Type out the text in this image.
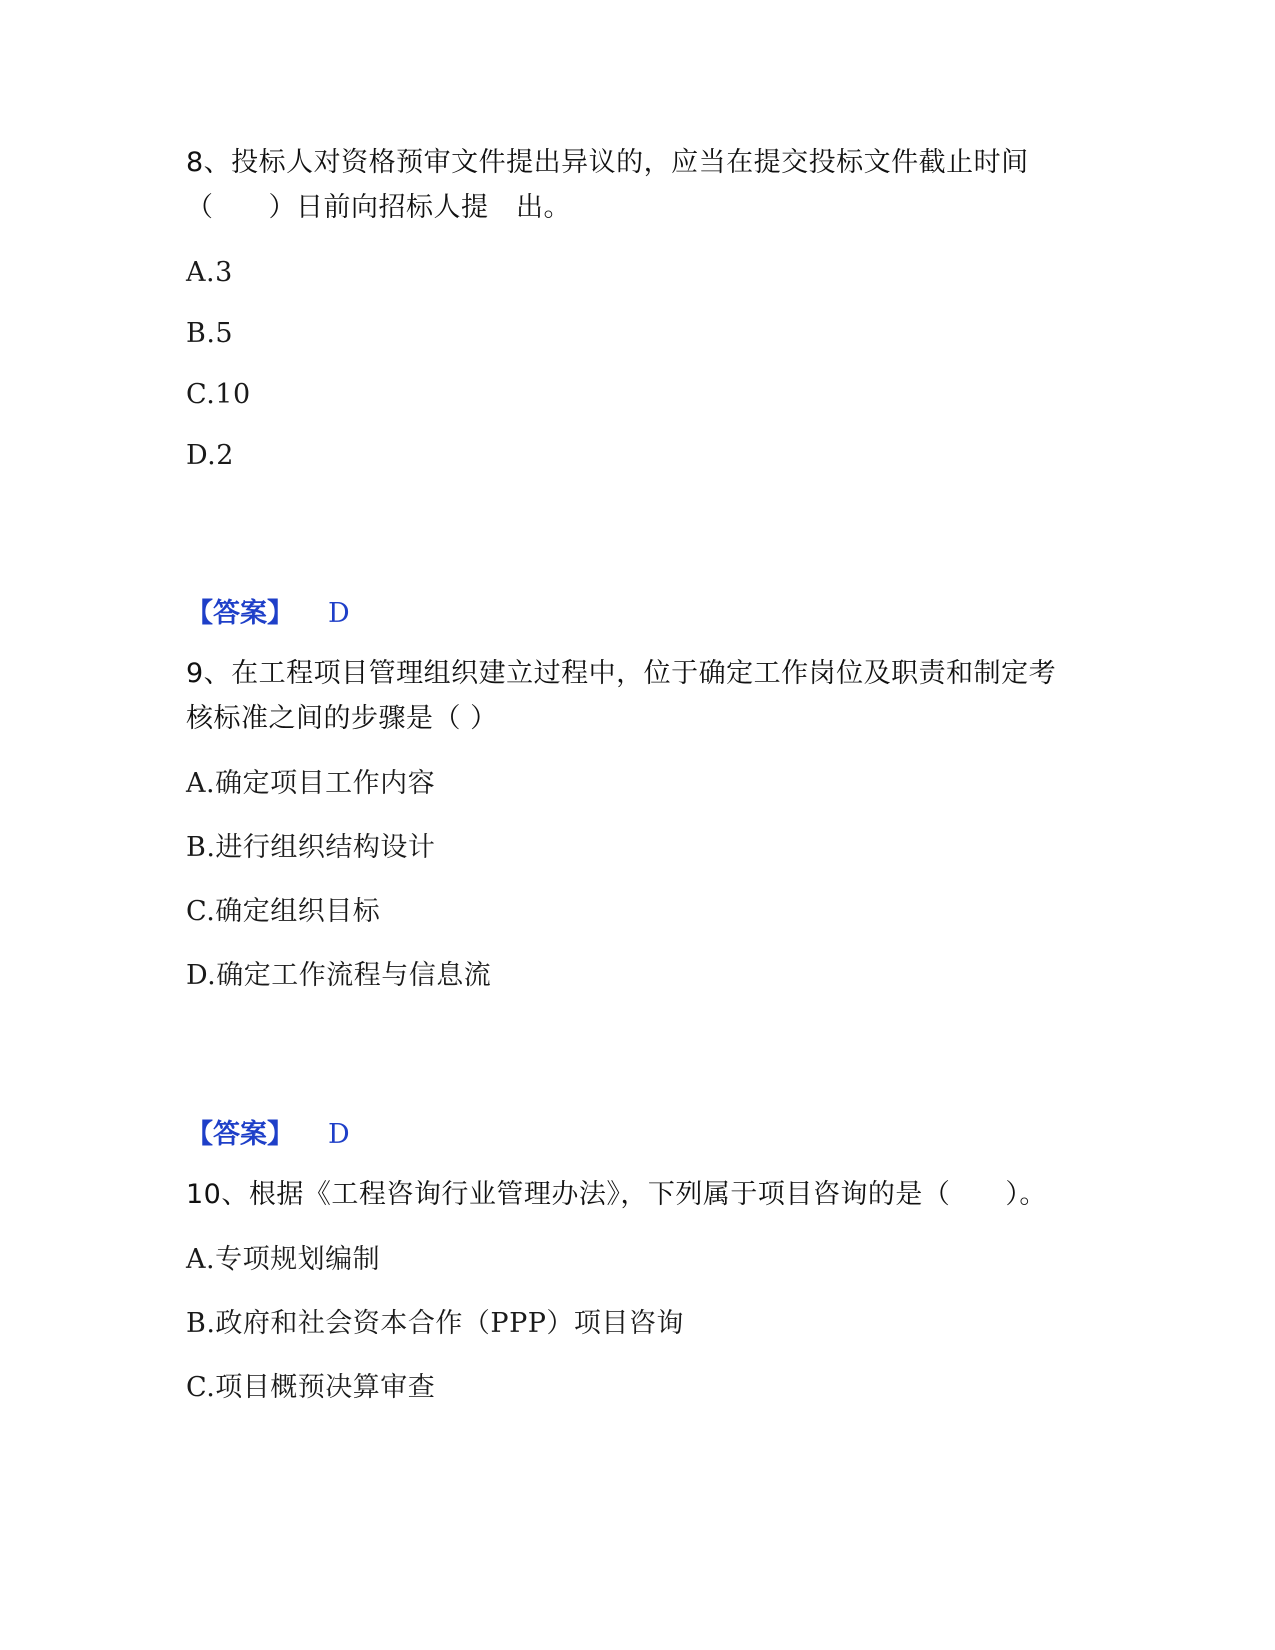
8、投标人对资格预审文件提出异议的，应当在提交投标文件截止时间
（　　）日前向招标人提　出。
A.3
B.5
C.10
D.2
【答案】 D
9、在工程项目管理组织建立过程中，位于确定工作岗位及职责和制定考
核标准之间的步骤是（ ）
A.确定项目工作内容
B.进行组织结构设计
C.确定组织目标
D.确定工作流程与信息流
【答案】 D
10、根据《工程咨询行业管理办法》，下列属于项目咨询的是（　　）。
A.专项规划编制
B.政府和社会资本合作（PPP）项目咨询
C.项目概预决算审查
